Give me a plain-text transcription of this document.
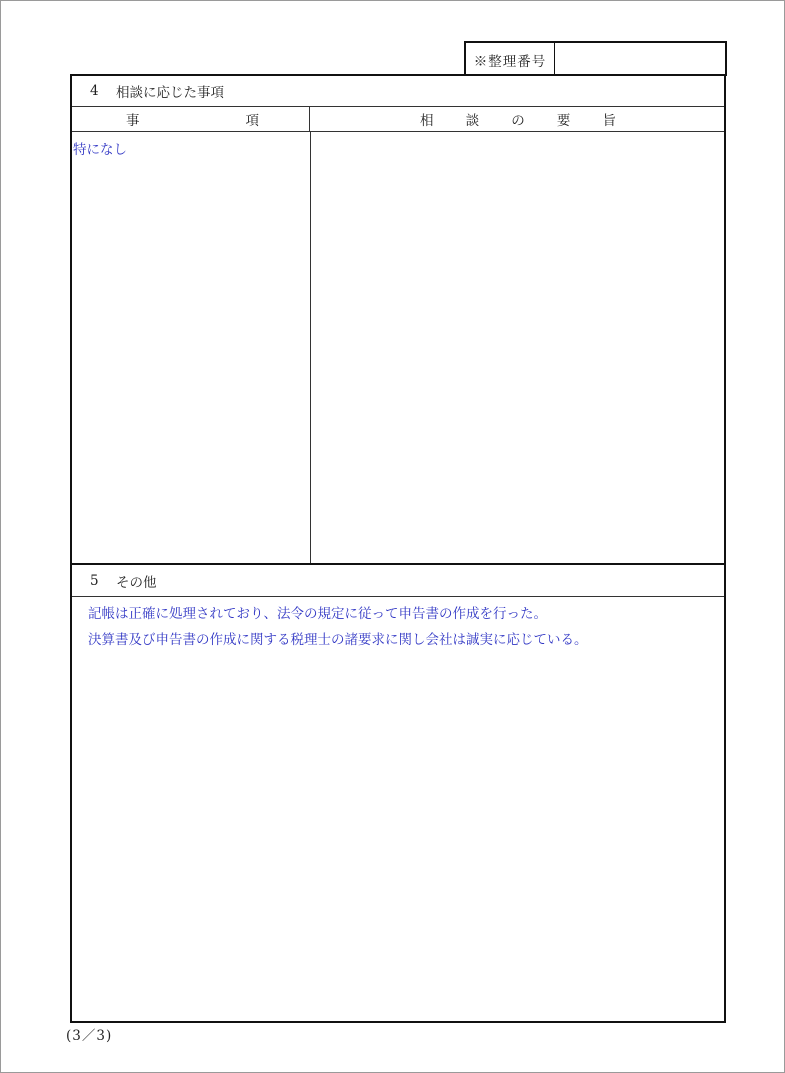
※整理番号
4	相談に応じた事項
事	項	相 談 の 要 旨
特になし
5	その他
記帳は正確に処理されており、法令の規定に従って申告書の作成を行った。
決算書及び申告書の作成に関する税理士の諸要求に関し会社は誠実に応じている。
(3／3)
